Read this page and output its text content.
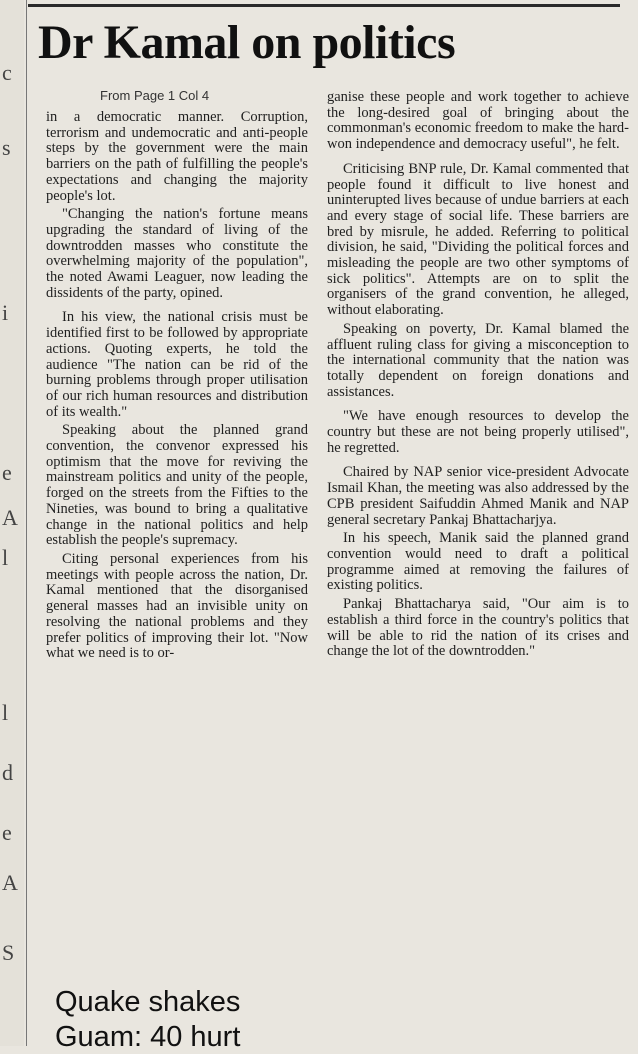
c
s
i
e
A
l
l
d
e
A
S
Dr Kamal on politics
From Page 1 Col 4

in a democratic manner. Corruption, terrorism and undemocratic and anti-people steps by the government were the main barriers on the path of fulfilling the people's expectations and changing the majority people's lot.

"Changing the nation's fortune means upgrading the standard of living of the downtrodden masses who constitute the overwhelming majority of the population", the noted Awami Leaguer, now leading the dissidents of the party, opined.

In his view, the national crisis must be identified first to be followed by appropriate actions. Quoting experts, he told the audience "The nation can be rid of the burning problems through proper utilisation of our rich human resources and distribution of its wealth."

Speaking about the planned grand convention, the convenor expressed his optimism that the move for reviving the mainstream politics and unity of the people, forged on the streets from the Fifties to the Nineties, was bound to bring a qualitative change in the national politics and help establish the people's supremacy.

Citing personal experiences from his meetings with people across the nation, Dr. Kamal mentioned that the disorganised general masses had an invisible unity on resolving the national problems and they prefer politics of improving their lot. "Now what we need is to or-

ganise these people and work together to achieve the long-desired goal of bringing about the commonman's economic freedom to make the hard-won independence and democracy useful", he felt.

Criticising BNP rule, Dr. Kamal commented that people found it difficult to live honest and uninterupted lives because of undue barriers at each and every stage of social life. These barriers are bred by misrule, he added. Referring to political division, he said, "Dividing the political forces and misleading the people are two other symptoms of sick politics". Attempts are on to split the organisers of the grand convention, he alleged, without elaborating.

Speaking on poverty, Dr. Kamal blamed the affluent ruling class for giving a misconception to the international community that the nation was totally dependent on foreign donations and assistances.

"We have enough resources to develop the country but these are not being properly utilised", he regretted.

Chaired by NAP senior vice-president Advocate Ismail Khan, the meeting was also addressed by the CPB president Saifuddin Ahmed Manik and NAP general secretary Pankaj Bhattacharjya.

In his speech, Manik said the planned grand convention would need to draft a political programme aimed at removing the failures of existing politics.

Pankaj Bhattacharya said, "Our aim is to establish a third force in the country's politics that will be able to rid the nation of its crises and change the lot of the downtrodden."

Quake shakes
Guam: 40 hurt
